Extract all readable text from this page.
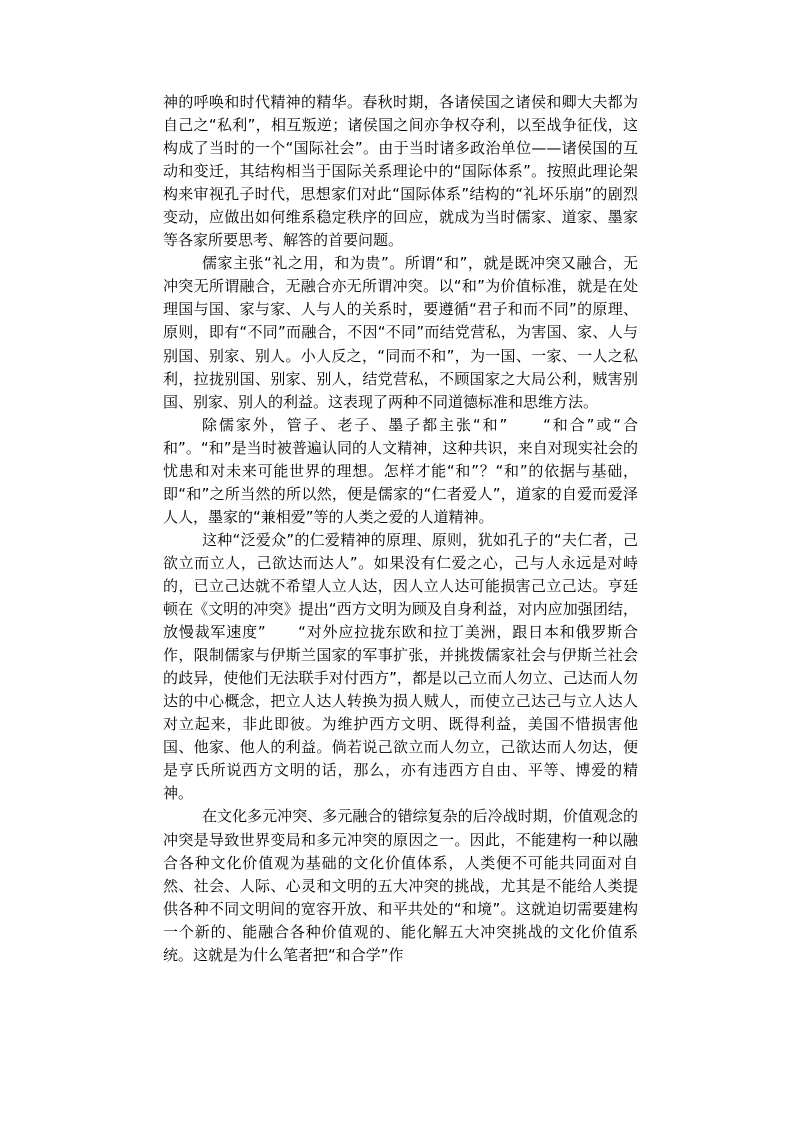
神的呼唤和时代精神的精华。春秋时期，各诸侯国之诸侯和卿大夫都为自己之“私利”，相互叛逆；诸侯国之间亦争权夺利，以至战争征伐，这构成了当时的一个“国际社会”。由于当时诸多政治单位——诸侯国的互动和变迁，其结构相当于国际关系理论中的“国际体系”。按照此理论架构来审视孔子时代，思想家们对此“国际体系”结构的“礼坏乐崩”的剧烈变动，应做出如何维系稳定秩序的回应，就成为当时儒家、道家、墨家等各家所要思考、解答的首要问题。

儒家主张“礼之用，和为贵”。所谓“和”，就是既冲突又融合，无冲突无所谓融合，无融合亦无所谓冲突。以“和”为价值标准，就是在处理国与国、家与家、人与人的关系时，要遵循“君子和而不同”的原理、原则，即有“不同”而融合，不因“不同”而结党营私，为害国、家、人与别国、别家、别人。小人反之，“同而不和”，为一国、一家、一人之私利，拉拢别国、别家、别人，结党营私，不顾国家之大局公利，贼害别国、别家、别人的利益。这表现了两种不同道德标准和思维方法。

除儒家外，管子、老子、墨子都主张“和”　　“和合”或“合和”。“和”是当时被普遍认同的人文精神，这种共识，来自对现实社会的忧患和对未来可能世界的理想。怎样才能“和”？“和”的依据与基础，即“和”之所当然的所以然，便是儒家的“仁者爱人”，道家的自爱而爱泽人人，墨家的“兼相爱”等的人类之爱的人道精神。

这种“泛爱众”的仁爱精神的原理、原则，犹如孔子的“夫仁者，己欲立而立人，己欲达而达人”。如果没有仁爱之心，己与人永远是对峙的，已立己达就不希望人立人达，因人立人达可能损害己立己达。亨廷顿在《文明的冲突》提出“西方文明为顾及自身利益，对内应加强团结，放慢裁军速度”　　“对外应拉拢东欧和拉丁美洲，跟日本和俄罗斯合作，限制儒家与伊斯兰国家的军事扩张，并挑拨儒家社会与伊斯兰社会的歧异，使他们无法联手对付西方”，都是以己立而人勿立、己达而人勿达的中心概念，把立人达人转换为损人贼人，而使立己达己与立人达人对立起来，非此即彼。为维护西方文明、既得利益，美国不惜损害他国、他家、他人的利益。倘若说己欲立而人勿立，己欲达而人勿达，便是亨氏所说西方文明的话，那么，亦有违西方自由、平等、博爱的精神。

在文化多元冲突、多元融合的错综复杂的后冷战时期，价值观念的冲突是导致世界变局和多元冲突的原因之一。因此，不能建构一种以融合各种文化价值观为基础的文化价值体系，人类便不可能共同面对自然、社会、人际、心灵和文明的五大冲突的挑战，尤其是不能给人类提供各种不同文明间的宽容开放、和平共处的“和境”。这就迫切需要建构一个新的、能融合各种价值观的、能化解五大冲突挑战的文化价值系统。这就是为什么笔者把“和合学”作
